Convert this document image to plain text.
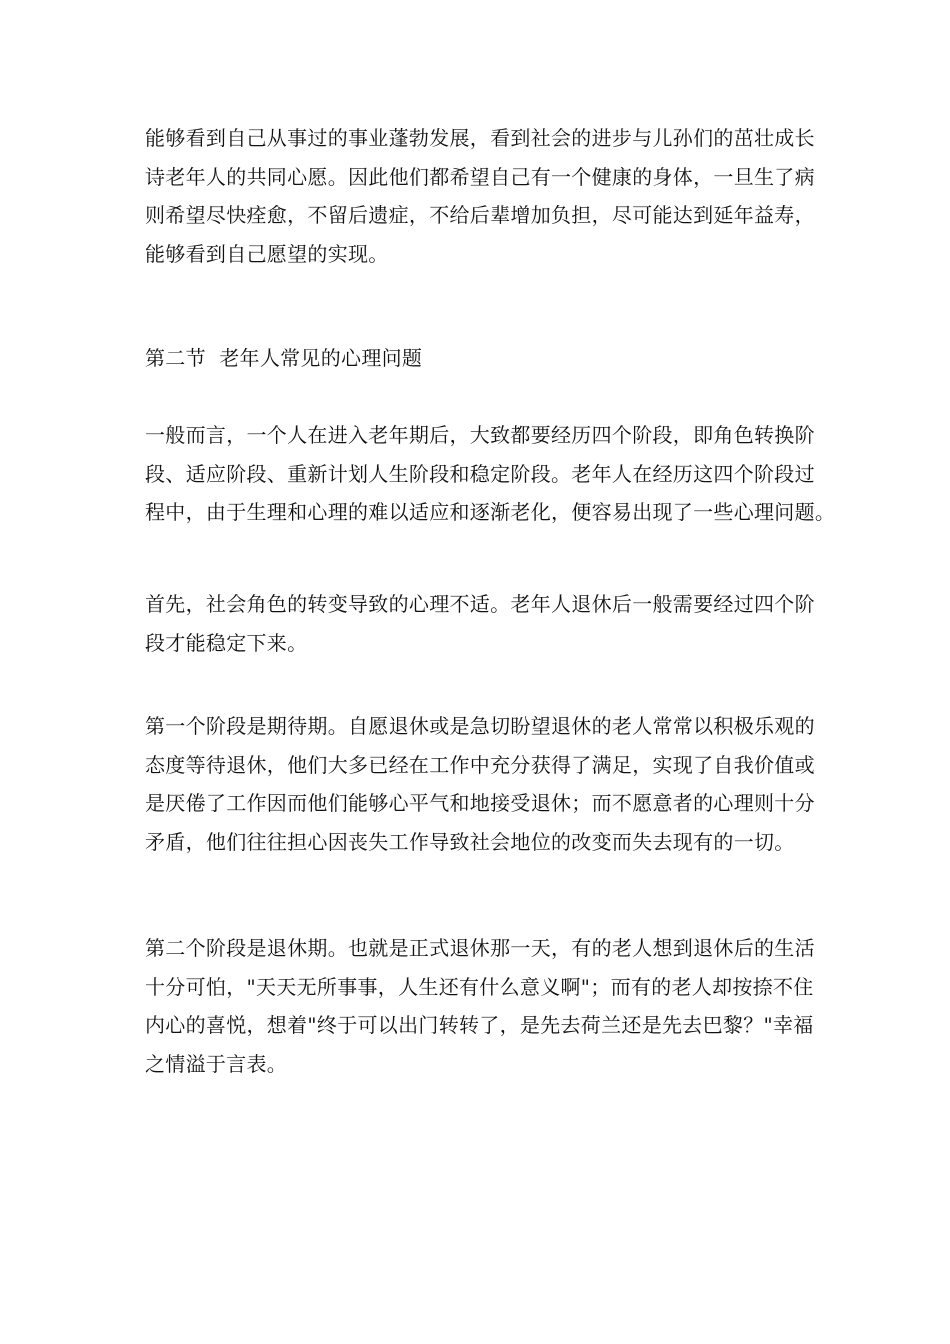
能够看到自己从事过的事业蓬勃发展，看到社会的进步与儿孙们的茁壮成长
诗老年人的共同心愿。因此他们都希望自己有一个健康的身体，一旦生了病
则希望尽快痊愈，不留后遗症，不给后辈增加负担，尽可能达到延年益寿，
能够看到自己愿望的实现。
第二节  老年人常见的心理问题
一般而言，一个人在进入老年期后，大致都要经历四个阶段，即角色转换阶
段、适应阶段、重新计划人生阶段和稳定阶段。老年人在经历这四个阶段过
程中，由于生理和心理的难以适应和逐渐老化，便容易出现了一些心理问题。
首先，社会角色的转变导致的心理不适。老年人退休后一般需要经过四个阶
段才能稳定下来。
第一个阶段是期待期。自愿退休或是急切盼望退休的老人常常以积极乐观的
态度等待退休，他们大多已经在工作中充分获得了满足，实现了自我价值或
是厌倦了工作因而他们能够心平气和地接受退休；而不愿意者的心理则十分
矛盾，他们往往担心因丧失工作导致社会地位的改变而失去现有的一切。
第二个阶段是退休期。也就是正式退休那一天，有的老人想到退休后的生活
十分可怕，"天天无所事事，人生还有什么意义啊"；而有的老人却按捺不住
内心的喜悦，想着"终于可以出门转转了，是先去荷兰还是先去巴黎？"幸福
之情溢于言表。
